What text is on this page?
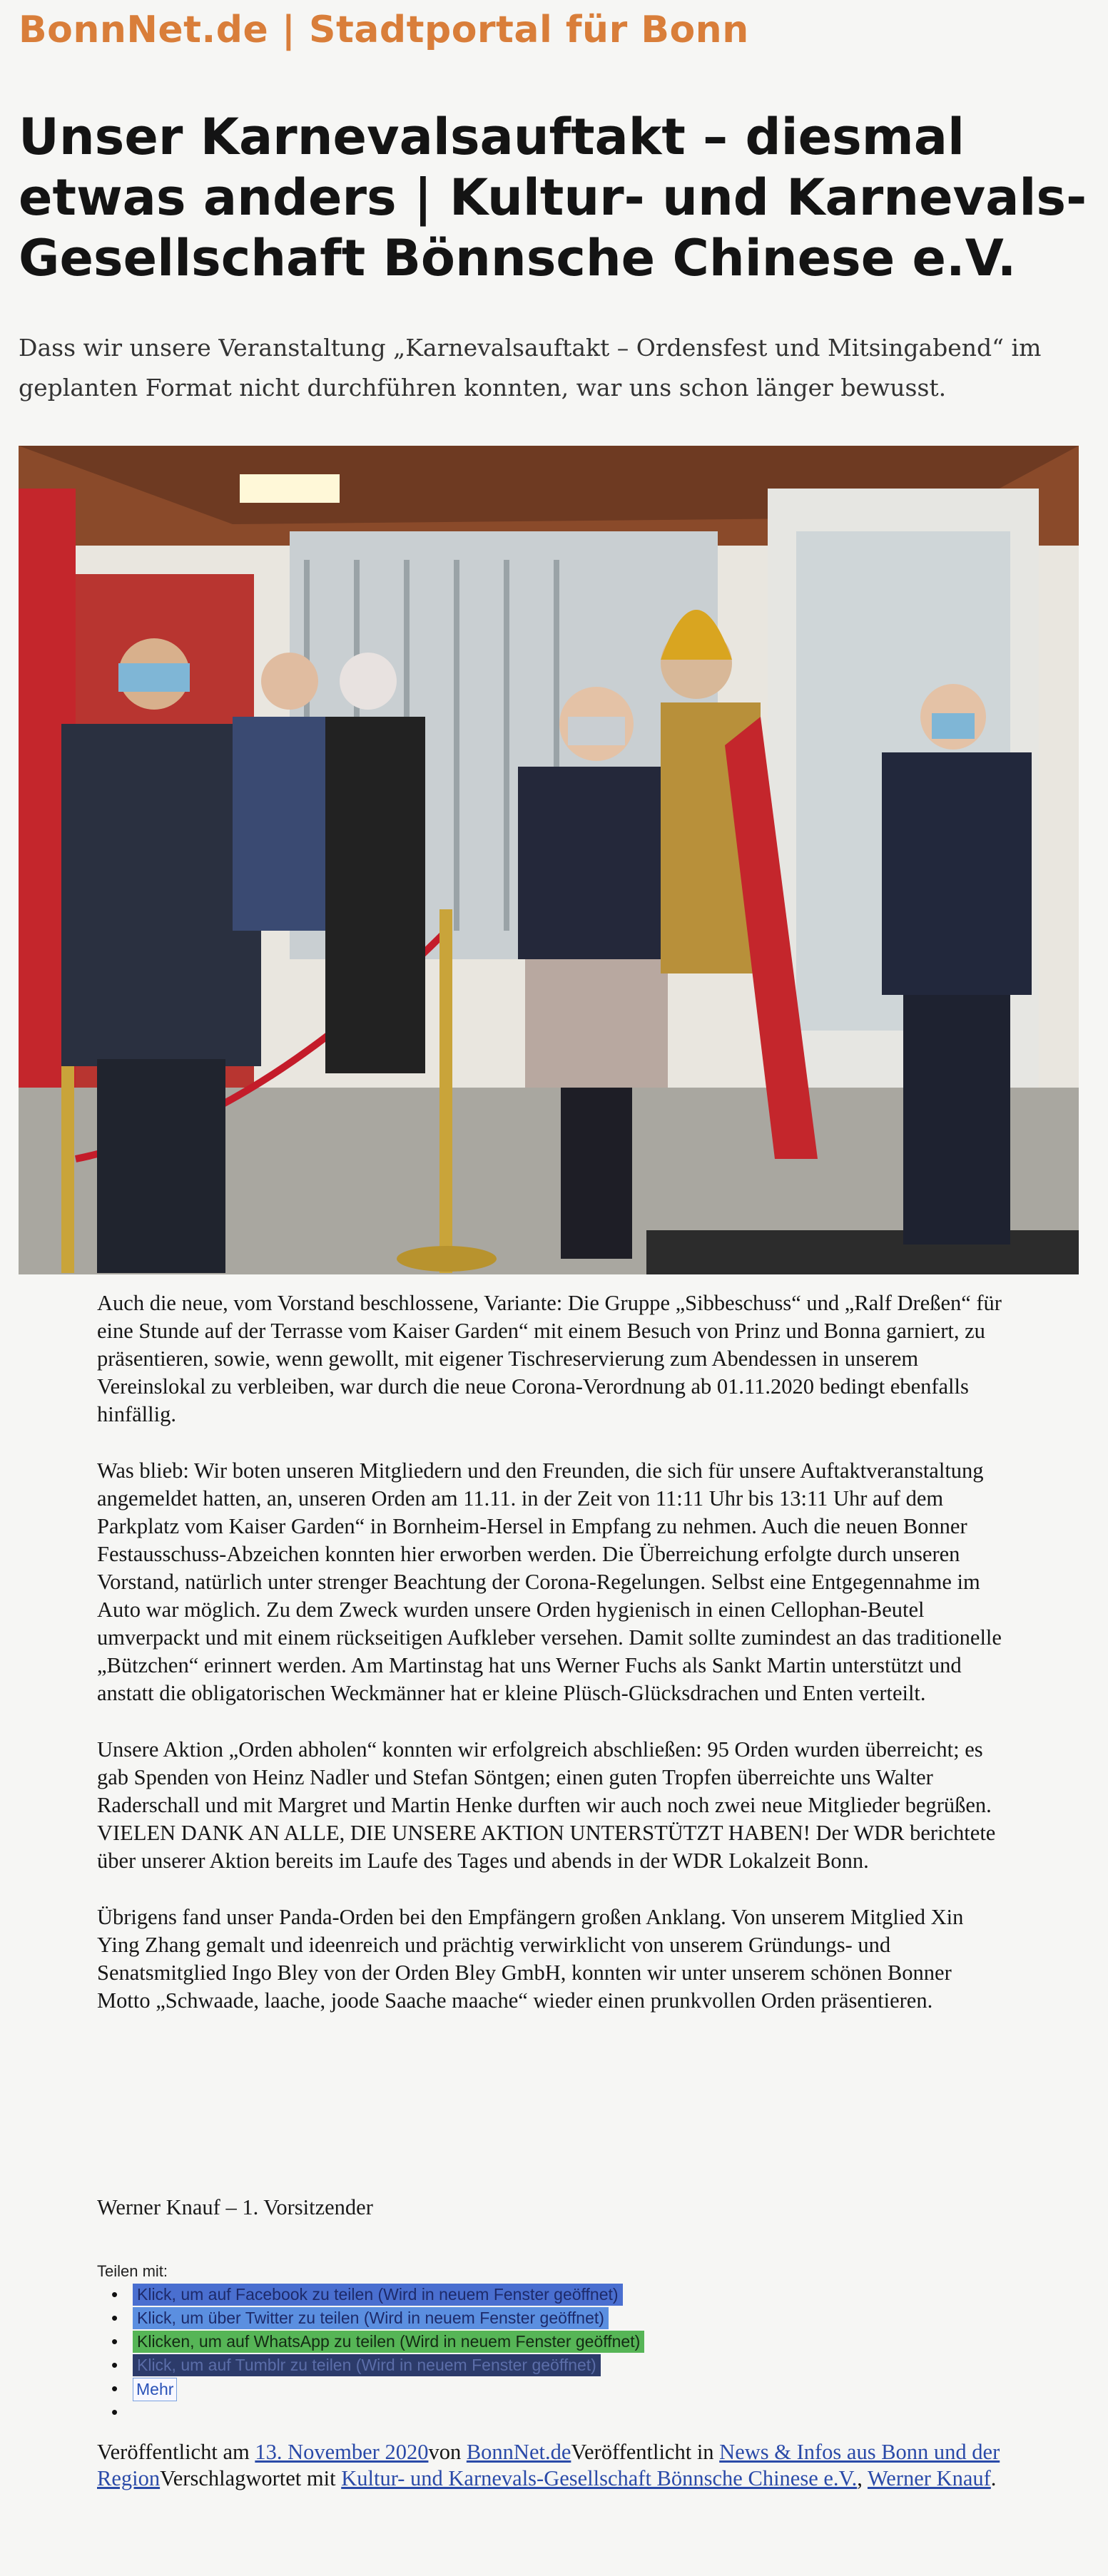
BonnNet.de | Stadtportal für Bonn
Unser Karnevalsauftakt – diesmal etwas anders | Kultur- und Karnevals-Gesellschaft Bönnsche Chinese e.V.
Dass wir unsere Veranstaltung „Karnevalsauftakt – Ordensfest und Mitsingabend“ im geplanten Format nicht durchführen konnten, war uns schon länger bewusst.

Auch die neue, vom Vorstand beschlossene, Variante: Die Gruppe „Sibbeschuss“ und „Ralf Dreßen“ für eine Stunde auf der Terrasse vom Kaiser Garden“ mit einem Besuch von Prinz und Bonna garniert, zu präsentieren, sowie, wenn gewollt, mit eigener Tischreservierung zum Abendessen in unserem Vereinslokal zu verbleiben, war durch die neue Corona-Verordnung ab 01.11.2020 bedingt ebenfalls hinfällig.

Was blieb: Wir boten unseren Mitgliedern und den Freunden, die sich für unsere Auftaktveranstaltung angemeldet hatten, an, unseren Orden am 11.11. in der Zeit von 11:11 Uhr bis 13:11 Uhr auf dem Parkplatz vom Kaiser Garden“ in Bornheim-Hersel in Empfang zu nehmen. Auch die neuen Bonner Festausschuss-Abzeichen konnten hier erworben werden. Die Überreichung erfolgte durch unseren Vorstand, natürlich unter strenger Beachtung der Corona-Regelungen. Selbst eine Entgegennahme im Auto war möglich. Zu dem Zweck wurden unsere Orden hygienisch in einen Cellophan-Beutel umverpackt und mit einem rückseitigen Aufkleber versehen. Damit sollte zumindest an das traditionelle „Bützchen“ erinnert werden. Am Martinstag hat uns Werner Fuchs als Sankt Martin unterstützt und anstatt die obligatorischen Weckmänner hat er kleine Plüsch-Glücksdrachen und Enten verteilt.

Unsere Aktion „Orden abholen“ konnten wir erfolgreich abschließen: 95 Orden wurden überreicht; es gab Spenden von Heinz Nadler und Stefan Söntgen; einen guten Tropfen überreichte uns Walter Raderschall und mit Margret und Martin Henke durften wir auch noch zwei neue Mitglieder begrüßen.
VIELEN DANK AN ALLE, DIE UNSERE AKTION UNTERSTÜTZT HABEN! Der WDR berichtete über unserer Aktion bereits im Laufe des Tages und abends in der WDR Lokalzeit Bonn.

Übrigens fand unser Panda-Orden bei den Empfängern großen Anklang. Von unserem Mitglied Xin Ying Zhang gemalt und ideenreich und prächtig verwirklicht von unserem Gründungs- und Senatsmitglied Ingo Bley von der Orden Bley GmbH, konnten wir unter unserem schönen Bonner Motto „Schwaade, laache, joode Saache maache“ wieder einen prunkvollen Orden präsentieren.

Werner Knauf – 1. Vorsitzender
Teilen mit:
• Klick, um auf Facebook zu teilen (Wird in neuem Fenster geöffnet)
• Klick, um über Twitter zu teilen (Wird in neuem Fenster geöffnet)
• Klicken, um auf WhatsApp zu teilen (Wird in neuem Fenster geöffnet)
• Klick, um auf Tumblr zu teilen (Wird in neuem Fenster geöffnet)
• Mehr
•
Veröffentlicht am 13. November 2020von BonnNet.deVeröffentlicht in News & Infos aus Bonn und der RegionVerschlagwortet mit Kultur- und Karnevals-Gesellschaft Bönnsche Chinese e.V., Werner Knauf.
